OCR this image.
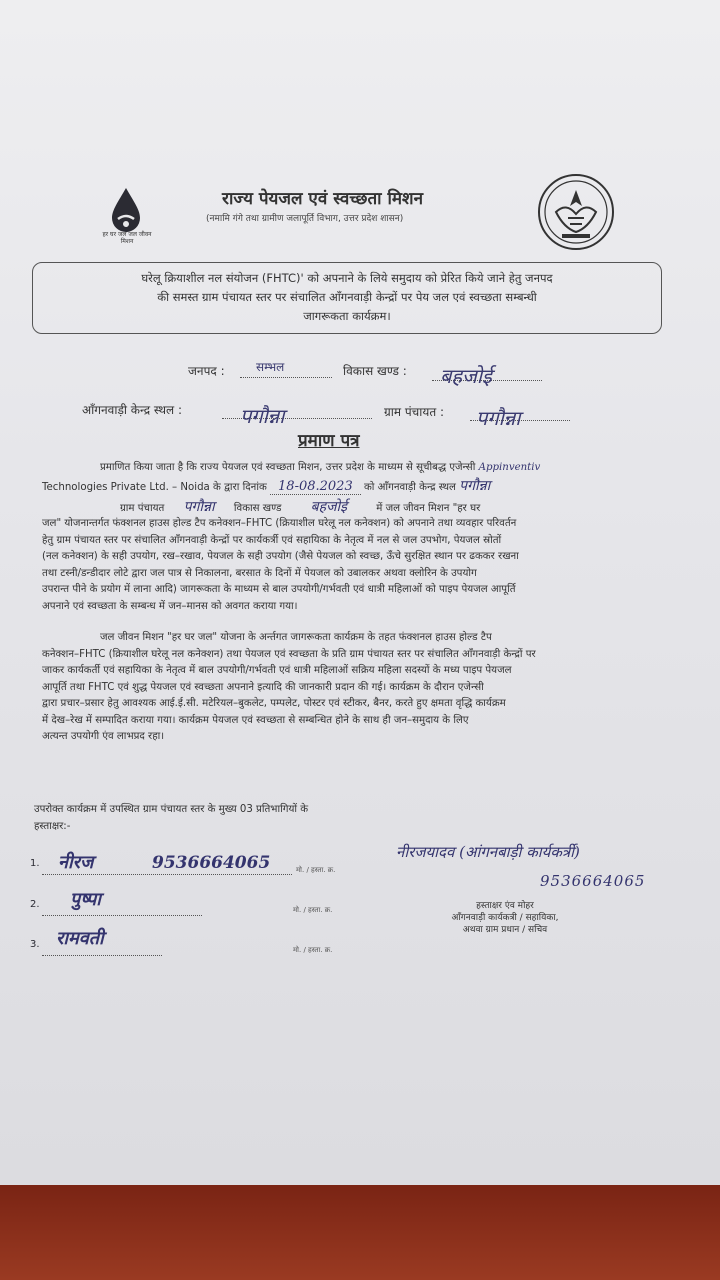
हर घर जल जल जीवन मिशन
राज्य पेयजल एवं स्वच्छता मिशन
(नमामि गंगे तथा ग्रामीण जलापूर्ति विभाग, उत्तर प्रदेश शासन)
घरेलू क्रियाशील नल संयोजन (FHTC)' को अपनाने के लिये समुदाय को प्रेरित किये जाने हेतु जनपद
की समस्त ग्राम पंचायत स्तर पर संचालित आँगनवाड़ी केन्द्रों पर पेय जल एवं स्वच्छता सम्बन्धी
जागरूकता कार्यक्रम।
जनपद :	सम्भल	विकास खण्ड : बहजोई
आँगनवाड़ी केन्द्र स्थल :	पगौन्ना	ग्राम पंचायत : पगौन्ना
प्रमाण पत्र
प्रमाणित किया जाता है कि राज्य पेयजल एवं स्वच्छता मिशन, उत्तर प्रदेश के माध्यम से सूचीबद्ध एजेन्सी Appinventiv
Technologies Private Ltd. – Noida के द्वारा दिनांक 18-08.2023 को आँगनवाड़ी केन्द्र स्थल पगौन्ना
ग्राम पंचायत पगौन्ना विकास खण्ड बहजोई	में जल जीवन मिशन "हर घर
जल" योजनान्तर्गत फंक्शनल हाउस होल्ड टैप कनेक्शन–FHTC (क्रियाशील घरेलू नल कनेक्शन) को अपनाने तथा व्यवहार परिवर्तन
हेतु ग्राम पंचायत स्तर पर संचालित आँगनवाड़ी केन्द्रों पर कार्यकर्त्री एवं सहायिका के नेतृत्व में नल से जल उपभोग, पेयजल स्रोतों
(नल कनेक्शन) के सही उपयोग, रख–रखाव, पेयजल के सही उपयोग (जैसे पेयजल को स्वच्छ, ऊँचे सुरक्षित स्थान पर ढककर रखना
तथा टस्नी/डन्डीदार लोटे द्वारा जल पात्र से निकालना, बरसात के दिनों में पेयजल को उबालकर अथवा क्लोरिन के उपयोग
उपरान्त पीने के प्रयोग में लाना आदि) जागरूकता के माध्यम से बाल उपयोगी/गर्भवती एवं धात्री महिलाओं को पाइप पेयजल आपूर्ति
अपनाने एवं स्वच्छता के सम्बन्ध में जन–मानस को अवगत कराया गया।
जल जीवन मिशन "हर घर जल" योजना के अर्न्तगत जागरूकता कार्यक्रम के तहत फंक्शनल हाउस होल्ड टैप
कनेक्शन–FHTC (क्रियाशील घरेलू नल कनेक्शन) तथा पेयजल एवं स्वच्छता के प्रति ग्राम पंचायत स्तर पर संचालित आँगनवाड़ी केन्द्रों पर
जाकर कार्यकर्ती एवं सहायिका के नेतृत्व में बाल उपयोगी/गर्भवती एवं धात्री महिलाओं सक्रिय महिला सदस्यों के मध्य पाइप पेयजल
आपूर्ति तथा FHTC एवं शुद्ध पेयजल एवं स्वच्छता अपनाने इत्यादि की जानकारी प्रदान की गई। कार्यक्रम के दौरान एजेन्सी
द्वारा प्रचार–प्रसार हेतु आवश्यक आई.ई.सी. मटेरियल–बुकलेट, पम्पलेट, पोस्टर एवं स्टीकर, बैनर, करते हुए क्षमता वृद्धि कार्यक्रम
में देख–रेख में सम्पादित कराया गया। कार्यक्रम पेयजल एवं स्वच्छता से सम्बन्धित होने के साथ ही जन–समुदाय के लिए
अत्यन्त उपयोगी एंव लाभप्रद रहा।
उपरोक्त कार्यक्रम में उपस्थित ग्राम पंचायत स्तर के मुख्य 03 प्रतिभागियों के
हस्ताक्षर:-
1. नीरज	9536664065	मो. / हस्ता. क्र.
2. पुष्पा	मो. / हस्ता. क्र.
3. रामवती
मो. / हस्ता. क्र.
नीरजयादव (आंगनबाड़ी कार्यकर्त्री)
9536664065
हस्ताक्षर एंव मोहर
आँगनवाड़ी कार्यकत्री / सहायिका,
अथवा ग्राम प्रधान / सचिव
